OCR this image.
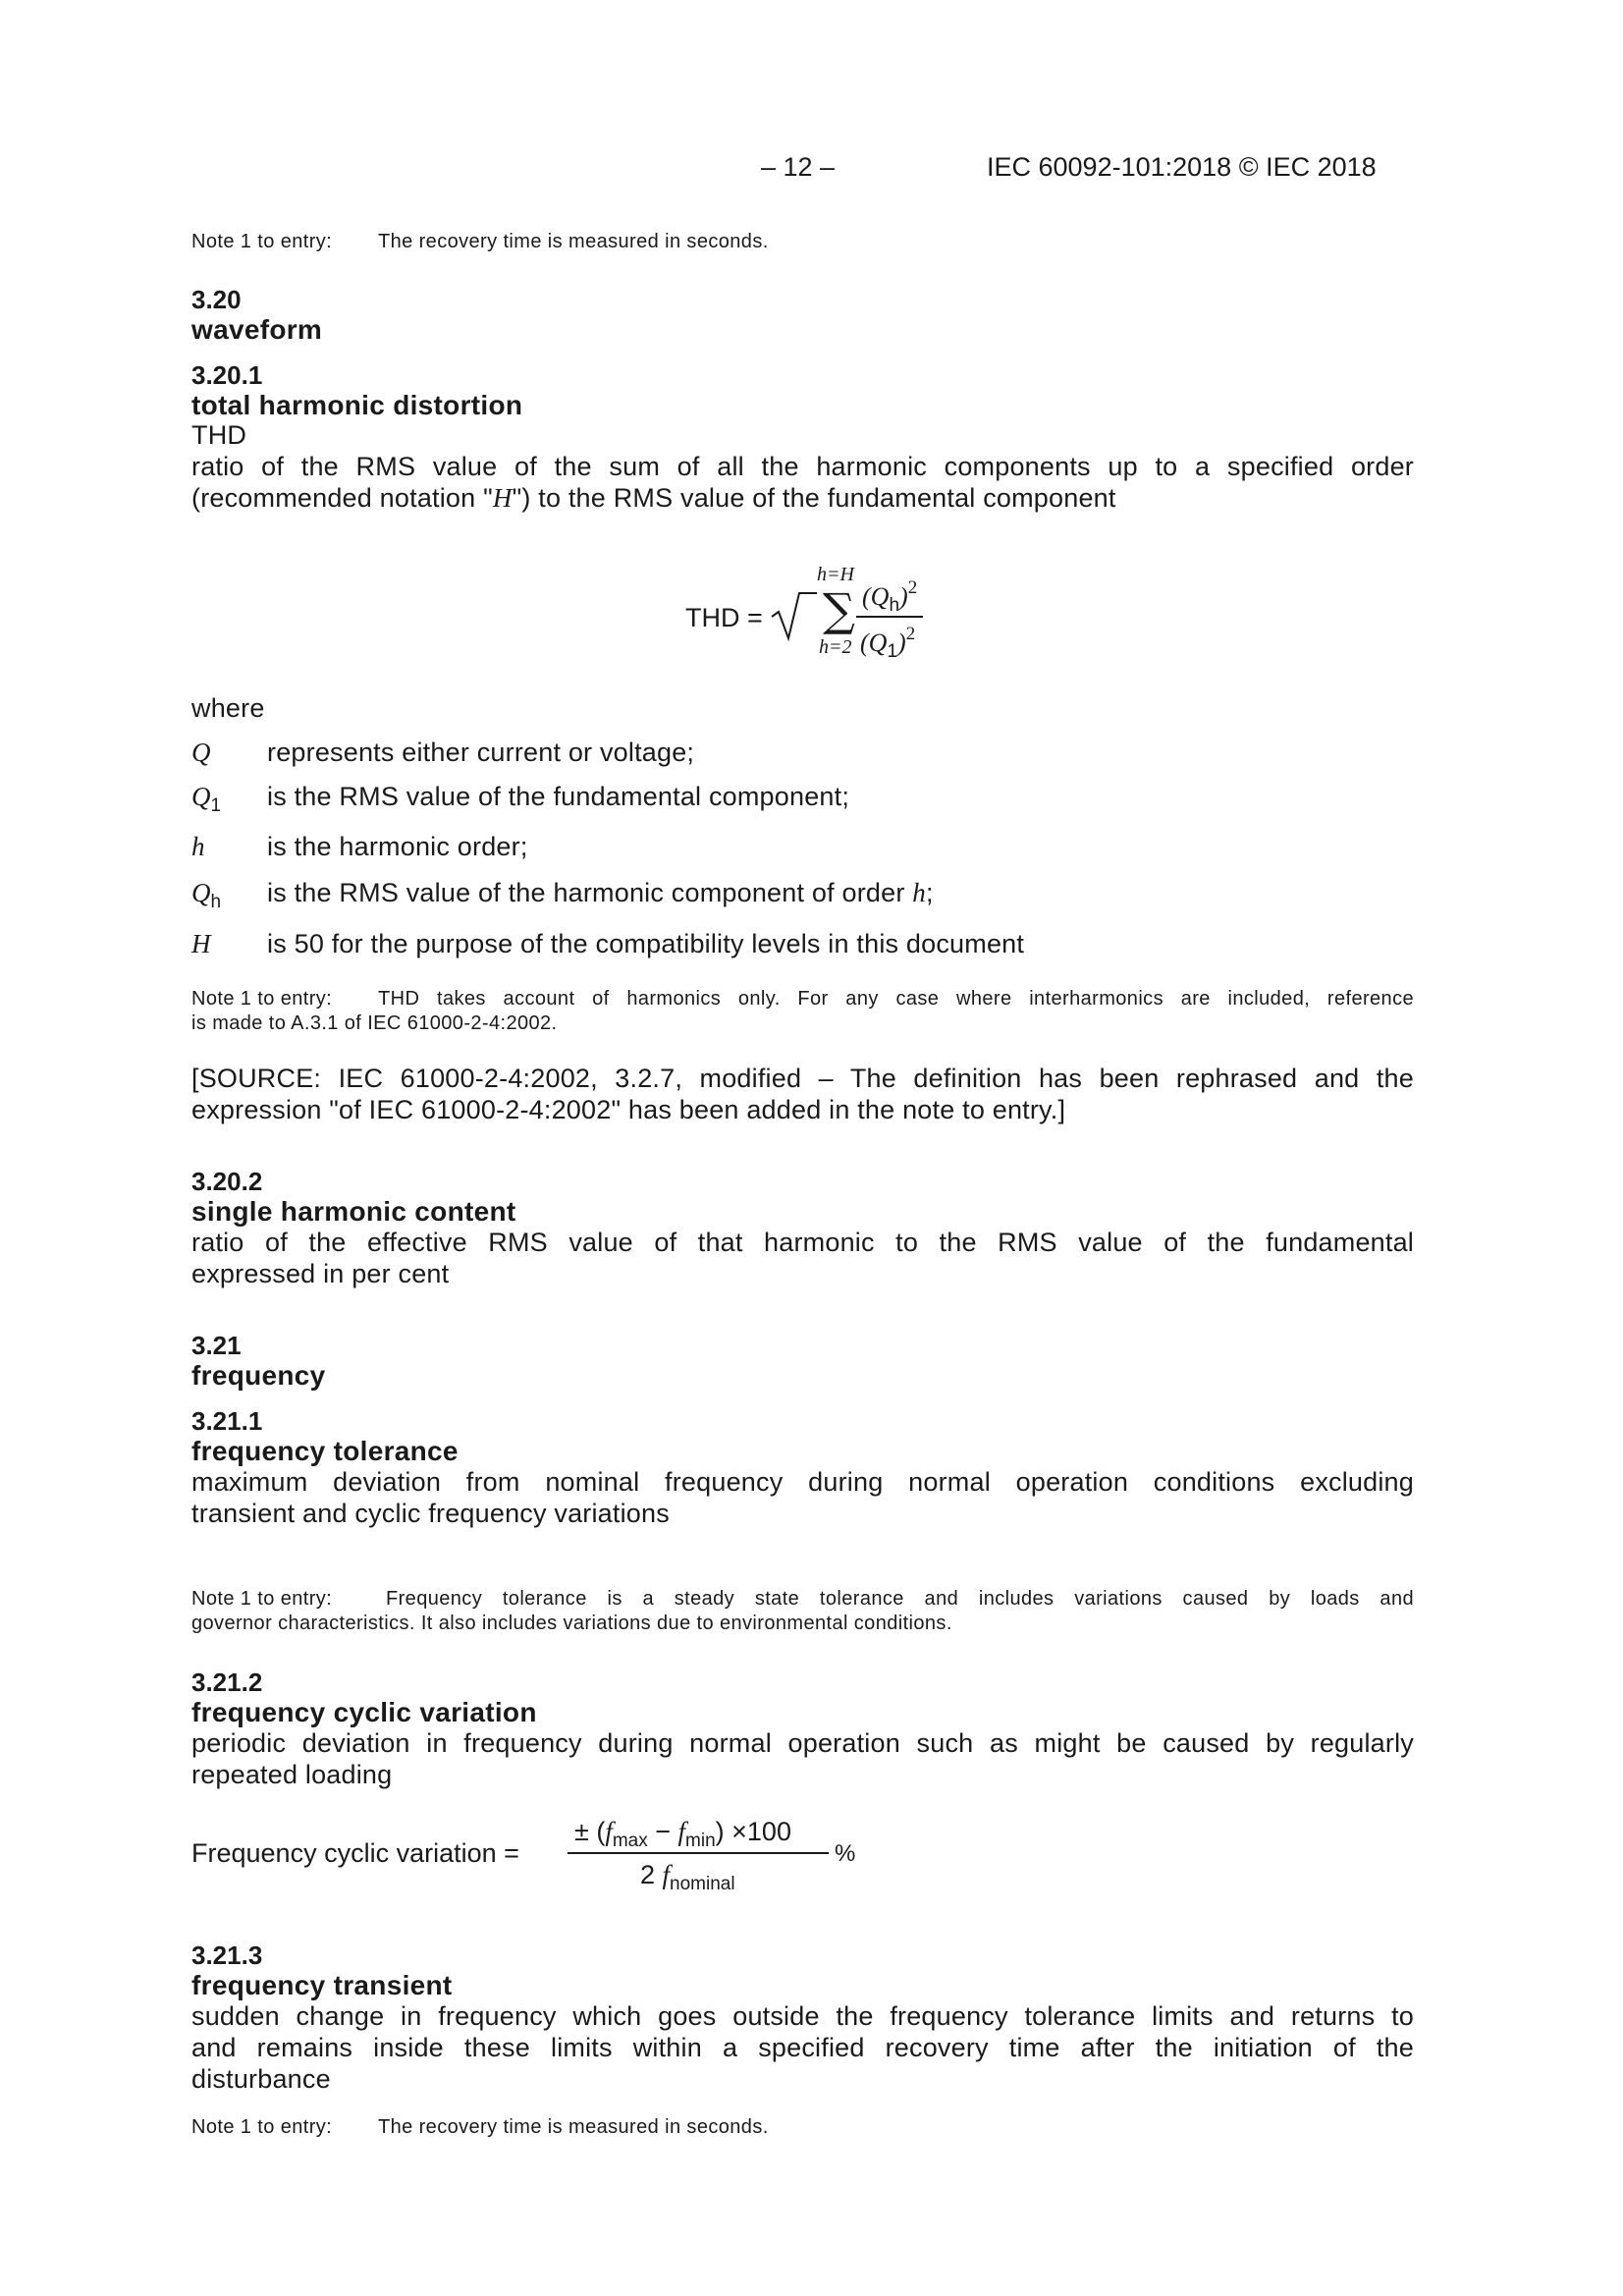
– 12 –	IEC 60092-101:2018 © IEC 2018
Note 1 to entry: The recovery time is measured in seconds.
3.20
waveform
3.20.1
total harmonic distortion
THD
ratio of the RMS value of the sum of all the harmonic components up to a specified order
(recommended notation "H") to the RMS value of the fundamental component
THD =
h=H
∑
h=2
$(Q_h)^2$
$(Q_1)^2$
where
Q represents either current or voltage;
$Q_1$ is the RMS value of the fundamental component;
h is the harmonic order;
$Q_h$ is the RMS value of the harmonic component of order h;
H is 50 for the purpose of the compatibility levels in this document
Note 1 to entry: THD takes account of harmonics only. For any case where interharmonics are included, reference
is made to A.3.1 of IEC 61000-2-4:2002.
[SOURCE: IEC 61000-2-4:2002, 3.2.7, modified – The definition has been rephrased and the
expression "of IEC 61000-2-4:2002" has been added in the note to entry.]
3.20.2
single harmonic content
ratio of the effective RMS value of that harmonic to the RMS value of the fundamental
expressed in per cent
3.21
frequency
3.21.1
frequency tolerance
maximum deviation from nominal frequency during normal operation conditions excluding
transient and cyclic frequency variations
Note 1 to entry:	Frequency tolerance is a steady state tolerance and includes variations caused by loads and
governor characteristics. It also includes variations due to environmental conditions.
3.21.2
frequency cyclic variation
periodic deviation in frequency during normal operation such as might be caused by regularly
repeated loading
Frequency cyclic variation =
± $(f_{max} - f_{min}) \times 100$
2 $f_{nominal}$
%
3.21.3
frequency transient
sudden change in frequency which goes outside the frequency tolerance limits and returns to
and remains inside these limits within a specified recovery time after the initiation of the
disturbance
Note 1 to entry: The recovery time is measured in seconds.
